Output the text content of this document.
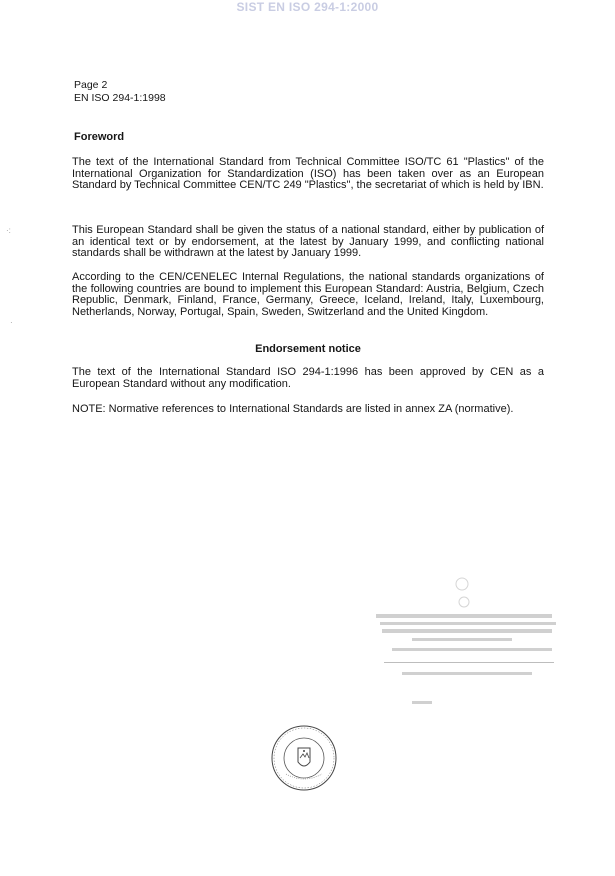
SIST EN ISO 294-1:2000
Page 2
EN ISO 294-1:1998
Foreword
The text of the International Standard from Technical Committee ISO/TC 61 "Plastics" of the International Organization for Standardization (ISO) has been taken over as an European Standard by Technical Committee CEN/TC 249 "Plastics", the secretariat of which is held by IBN.
This European Standard shall be given the status of a national standard, either by publication of an identical text or by endorsement, at the latest by January 1999, and conflicting national standards shall be withdrawn at the latest by January 1999.
According to the CEN/CENELEC Internal Regulations, the national standards organizations of the following countries are bound to implement this European Standard: Austria, Belgium, Czech Republic, Denmark, Finland, France, Germany, Greece, Iceland, Ireland, Italy, Luxembourg, Netherlands, Norway, Portugal, Spain, Sweden, Switzerland and the United Kingdom.
Endorsement notice
The text of the International Standard ISO 294-1:1996 has been approved by CEN as a European Standard without any modification.
NOTE: Normative references to International Standards are listed in annex ZA (normative).
·:
·
